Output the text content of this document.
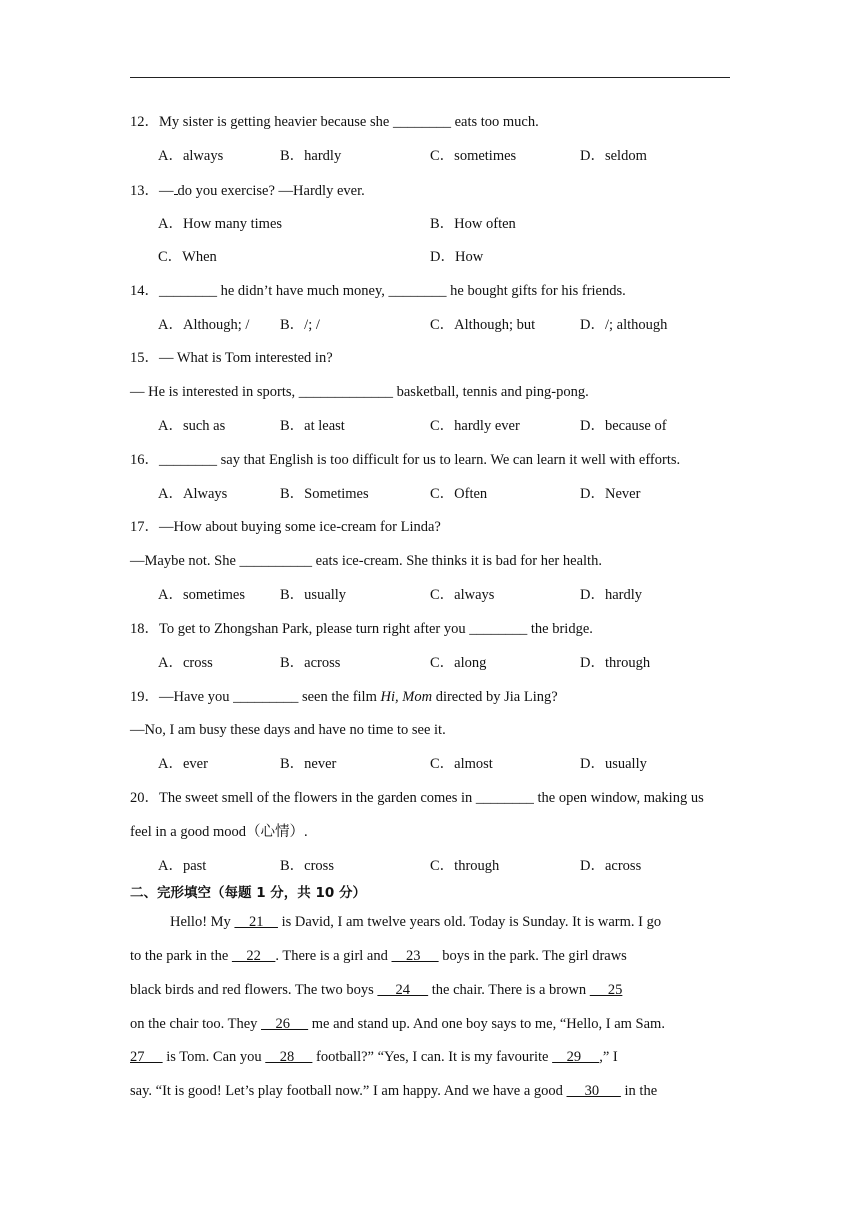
12．My sister is getting heavier because she ________ eats too much.
A．always	B．hardly	C．sometimes	D．seldom
13．— do you exercise? —Hardly ever.
A．How many times	B．How often
C．When	D．How
14．________ he didn’t have much money, ________ he bought gifts for his friends.
A．Although; / B．/; /	C．Although; but	D．/; although
15．— What is Tom interested in?
— He is interested in sports, _____________ basketball, tennis and ping-pong.
A．such as	B．at least	C．hardly ever	D．because of
16．________ say that English is too difficult for us to learn. We can learn it well with efforts.
A．Always	B．Sometimes	C．Often	D．Never
17．—How about buying some ice-cream for Linda?
—Maybe not. She __________ eats ice-cream. She thinks it is bad for her health.
A．sometimes B．usually	C．always	D．hardly
18．To get to Zhongshan Park, please turn right after you ________ the bridge.
A．cross	B．across	C．along	D．through
19．—Have you _________ seen the film Hi, Mom directed by Jia Ling?
—No, I am busy these days and have no time to see it.
A．ever	B．never	C．almost	D．usually
20．The sweet smell of the flowers in the garden comes in ________ the open window, making us
feel in a good mood（心情）.
A．past	B．cross	C．through	D．across
二、完形填空（每题 1 分，共 10 分）
Hello! My     21     is David, I am twelve years old. Today is Sunday. It is warm. I go
to the park in the     22    . There is a girl and     23      boys in the park. The girl draws
black birds and red flowers. The two boys      24      the chair. There is a brown      25
on the chair too. They     26      me and stand up. And one boy says to me, “Hello, I am Sam.
27      is Tom. Can you     28      football?” “Yes, I can. It is my favourite     29     ,” I
say. “It is good! Let’s play football now.” I am happy. And we have a good      30       in the
